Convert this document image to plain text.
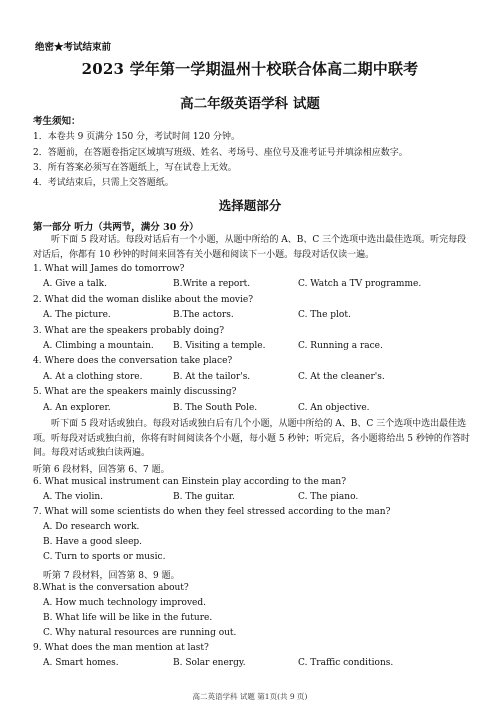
绝密★考试结束前
2023 学年第一学期温州十校联合体高二期中联考
高二年级英语学科 试题
考生须知：
1．本卷共 9 页满分 150 分，考试时间 120 分钟。
2．答题前，在答题卷指定区域填写班级、姓名、考场号、座位号及准考证号并填涂相应数字。
3．所有答案必须写在答题纸上，写在试卷上无效。
4．考试结束后，只需上交答题纸。
选择题部分
第一部分 听力（共两节，满分 30 分）
听下面 5 段对话。每段对话后有一个小题，从题中所给的 A、B、C 三个选项中选出最佳选项。听完每段对话后，你都有 10 秒钟的时间来回答有关小题和阅读下一小题。每段对话仅读一遍。
1. What will James do tomorrow?
A. Give a talk.	B.Write a report.	C. Watch a TV programme.
2. What did the woman dislike about the movie?
A. The picture.	B.The actors.	C. The plot.
3. What are the speakers probably doing?
A. Climbing a mountain. B. Visiting a temple.	C. Running a race.
4. Where does the conversation take place?
A. At a clothing store.	B. At the tailor's.	C. At the cleaner's.
5. What are the speakers mainly discussing?
A. An explorer.	B. The South Pole.	C. An objective.
听下面 5 段对话或独白。每段对话或独白后有几个小题，从题中所给的 A、B、C 三个选项中选出最佳选项。听每段对话或独白前，你将有时间阅读各个小题，每小题 5 秒钟；听完后，各小题将给出 5 秒钟的作答时间。每段对话或独白读两遍。
听第 6 段材料，回答第 6、7 题。
6. What musical instrument can Einstein play according to the man?
A. The violin.	B. The guitar.	C. The piano.
7. What will some scientists do when they feel stressed according to the man?
A. Do research work.
B. Have a good sleep.
C. Turn to sports or music.
听第 7 段材料，回答第 8、9 题。
8.What is the conversation about?
A. How much technology improved.
B. What life will be like in the future.
C. Why natural resources are running out.
9. What does the man mention at last?
A. Smart homes.	B. Solar energy.	C. Traffic conditions.
高二英语学科 试题 第1页(共 9 页)
